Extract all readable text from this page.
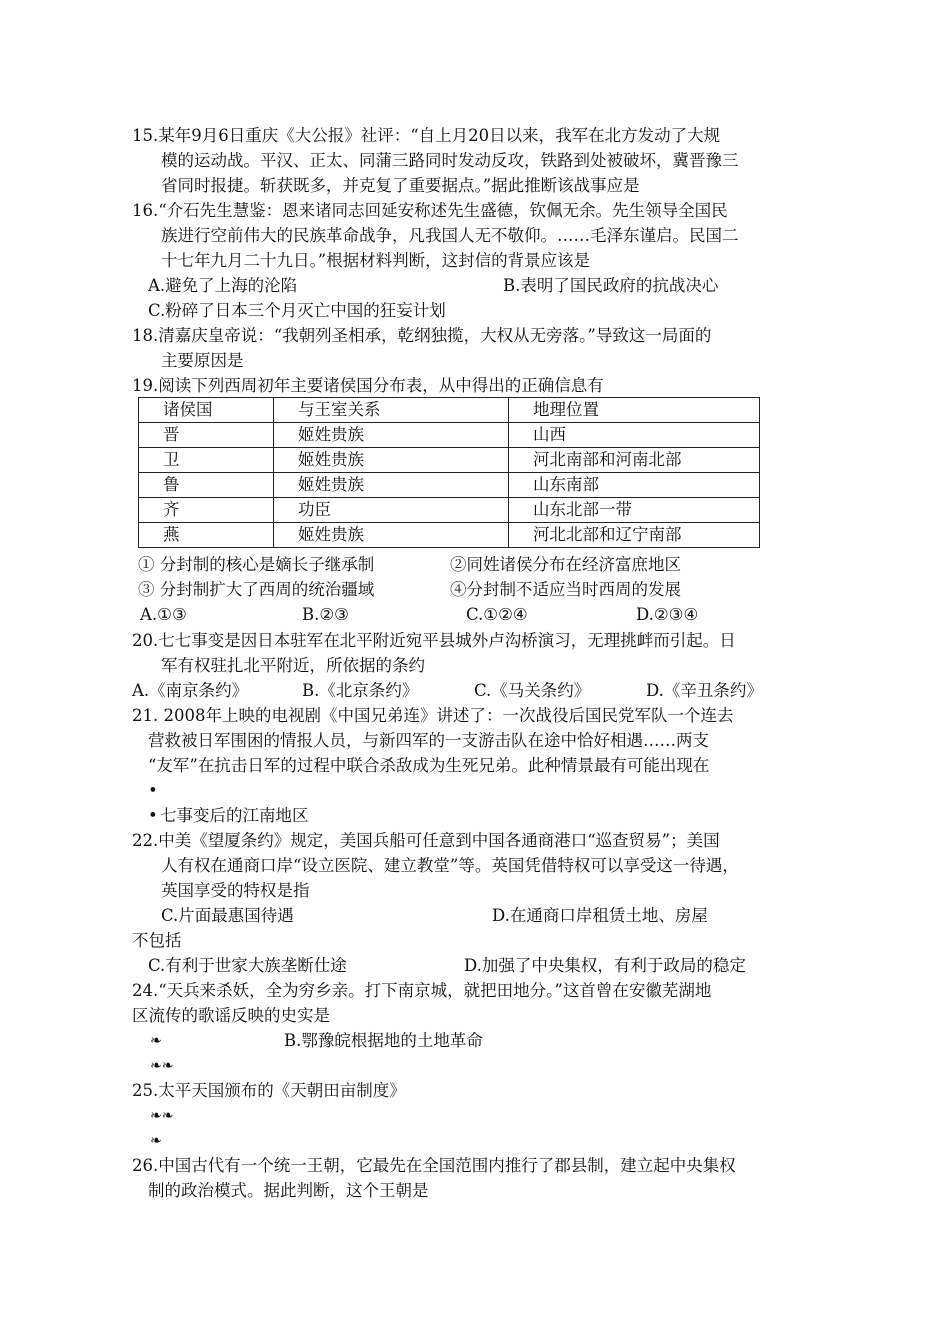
15.某年9月6日重庆《大公报》社评：“自上月20日以来，我军在北方发动了大规
模的运动战。平汉、正太、同蒲三路同时发动反攻，铁路到处被破坏，冀晋豫三
省同时报捷。斩获既多，并克复了重要据点。”据此推断该战事应是
16.“介石先生慧鉴：恩来诸同志回延安称述先生盛德，钦佩无余。先生领导全国民
族进行空前伟大的民族革命战争，凡我国人无不敬仰。……毛泽东谨启。民国二
十七年九月二十九日。”根据材料判断，这封信的背景应该是
A.避免了上海的沦陷	B.表明了国民政府的抗战决心
C.粉碎了日本三个月灭亡中国的狂妄计划
18.清嘉庆皇帝说：“我朝列圣相承，乾纲独揽，大权从无旁落。”导致这一局面的
主要原因是
19.阅读下列西周初年主要诸侯国分布表，从中得出的正确信息有
诸侯国	与王室关系	地理位置
晋	姬姓贵族	山西
卫	姬姓贵族	河北南部和河南北部
鲁	姬姓贵族	山东南部
齐	功臣	山东北部一带
燕	姬姓贵族	河北北部和辽宁南部
① 分封制的核心是嫡长子继承制	②同姓诸侯分布在经济富庶地区
③ 分封制扩大了西周的统治疆域	④分封制不适应当时西周的发展
A.①③	B.②③	C.①②④	D.②③④
20.七七事变是因日本驻军在北平附近宛平县城外卢沟桥演习，无理挑衅而引起。日
军有权驻扎北平附近，所依据的条约
A.《南京条约》	B.《北京条约》	C.《马关条约》	D.《辛丑条约》
21. 2008年上映的电视剧《中国兄弟连》讲述了：一次战役后国民党军队一个连去
营救被日军围困的情报人员，与新四军的一支游击队在途中恰好相遇……两支
“友军”在抗击日军的过程中联合杀敌成为生死兄弟。此种情景最有可能出现在
•
• 七事变后的江南地区
22.中美《望厦条约》规定，美国兵船可任意到中国各通商港口“巡查贸易”；美国
人有权在通商口岸“设立医院、建立教堂”等。英国凭借特权可以享受这一待遇，
英国享受的特权是指
C.片面最惠国待遇	D.在通商口岸租赁土地、房屋
不包括
C.有利于世家大族垄断仕途	D.加强了中央集权，有利于政局的稳定
24.“天兵来杀妖，全为穷乡亲。打下南京城，就把田地分。”这首曾在安徽芜湖地
区流传的歌谣反映的史实是
❧	B.鄂豫皖根据地的土地革命
❧❧
25.太平天国颁布的《天朝田亩制度》
❧❧
❧
26.中国古代有一个统一王朝，它最先在全国范围内推行了郡县制，建立起中央集权
制的政治模式。据此判断，这个王朝是
